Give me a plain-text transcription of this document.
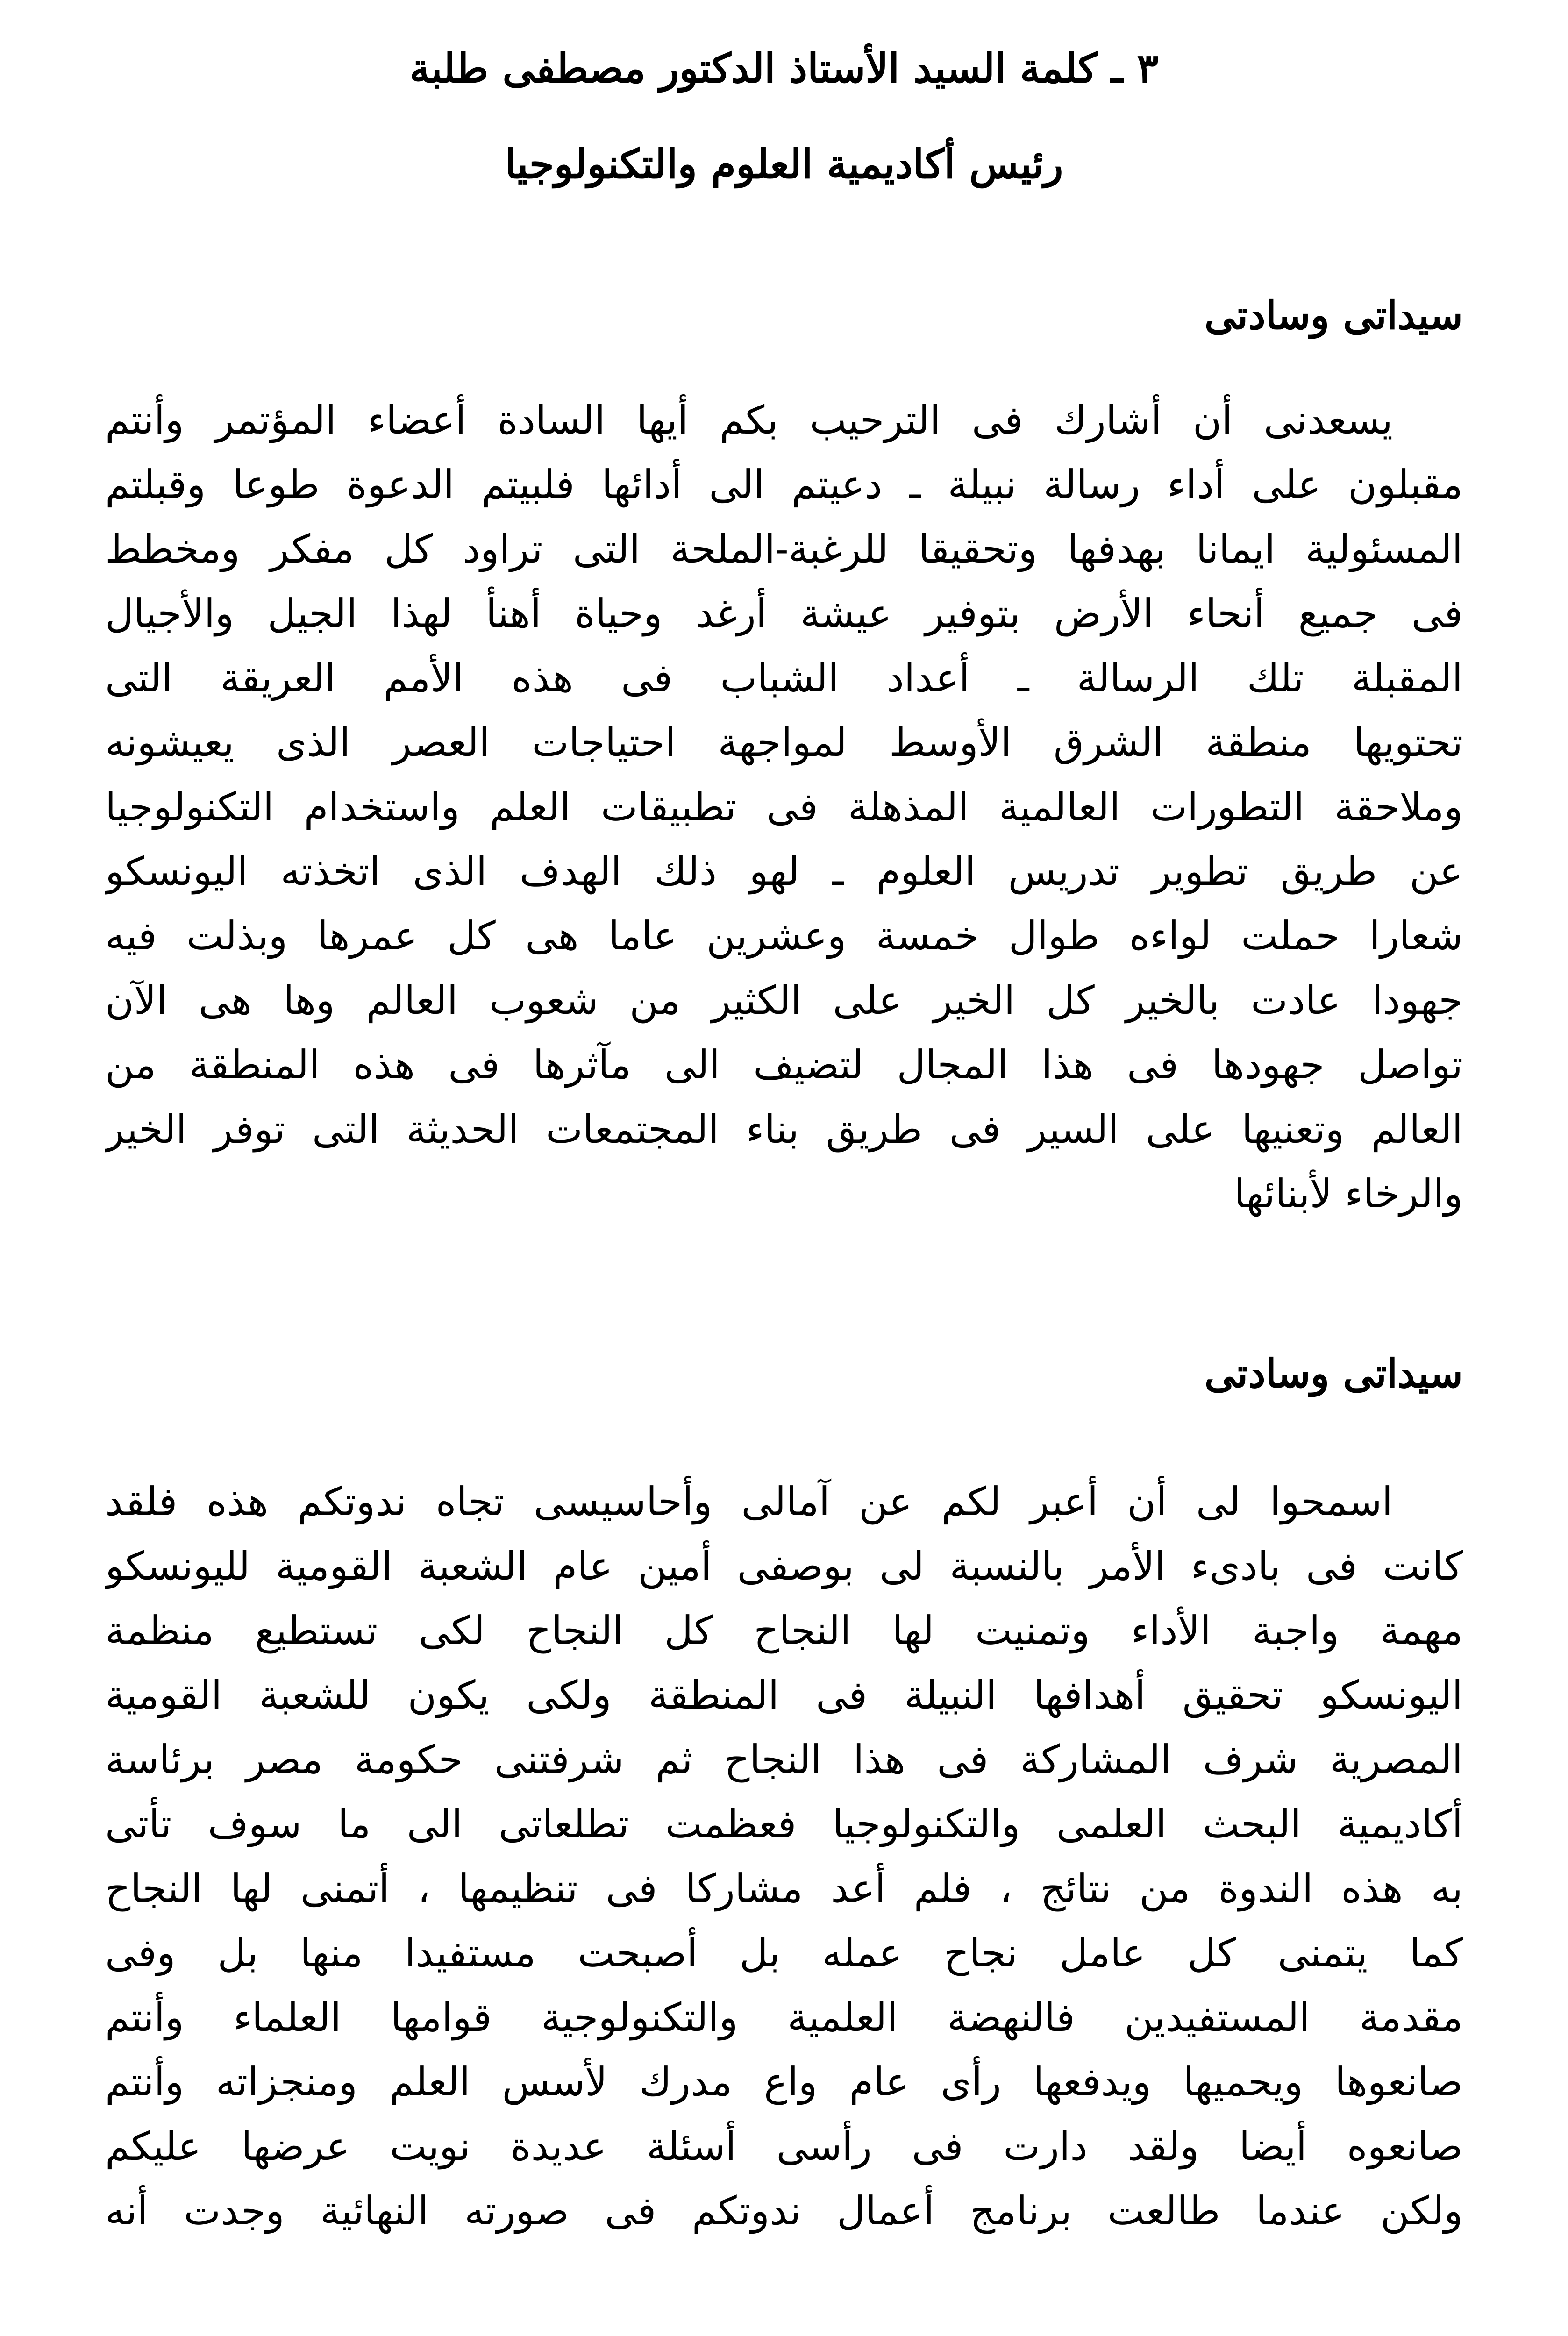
٣ ـ كلمة السيد الأستاذ الدكتور مصطفى طلبة
رئيس أكاديمية العلوم والتكنولوجيا
سيداتى وسادتى
يسعدنى أن أشارك فى الترحيب بكم أيها السادة أعضاء المؤتمر وأنتم
مقبلون على أداء رسالة نبيلة ـ دعيتم الى أدائها فلبيتم الدعوة طوعا وقبلتم
المسئولية ايمانا بهدفها وتحقيقا للرغبة-الملحة التى تراود كل مفكر ومخطط
فى جميع أنحاء الأرض بتوفير عيشة أرغد وحياة أهنأ لهذا الجيل والأجيال
المقبلة تلك الرسالة ـ أعداد الشباب فى هذه الأمم العريقة التى
تحتويها منطقة الشرق الأوسط لمواجهة احتياجات العصر الذى يعيشونه
وملاحقة التطورات العالمية المذهلة فى تطبيقات العلم واستخدام التكنولوجيا
عن طريق تطوير تدريس العلوم ـ لهو ذلك الهدف الذى اتخذته اليونسكو
شعارا حملت لواءه طوال خمسة وعشرين عاما هى كل عمرها وبذلت فيه
جهودا عادت بالخير كل الخير على الكثير من شعوب العالم وها هى الآن
تواصل جهودها فى هذا المجال لتضيف الى مآثرها فى هذه المنطقة من
العالم وتعنيها على السير فى طريق بناء المجتمعات الحديثة التى توفر الخير
والرخاء لأبنائها
سيداتى وسادتى
اسمحوا لى أن أعبر لكم عن آمالى وأحاسيسى تجاه ندوتكم هذه فلقد
كانت فى بادىء الأمر بالنسبة لى بوصفى أمين عام الشعبة القومية لليونسكو
مهمة واجبة الأداء وتمنيت لها النجاح كل النجاح لكى تستطيع منظمة
اليونسكو تحقيق أهدافها النبيلة فى المنطقة ولكى يكون للشعبة القومية
المصرية شرف المشاركة فى هذا النجاح ثم شرفتنى حكومة مصر برئاسة
أكاديمية البحث العلمى والتكنولوجيا فعظمت تطلعاتى الى ما سوف تأتى
به هذه الندوة من نتائج ، فلم أعد مشاركا فى تنظيمها ، أتمنى لها النجاح
كما يتمنى كل عامل نجاح عمله بل أصبحت مستفيدا منها بل وفى
مقدمة المستفيدين فالنهضة العلمية والتكنولوجية قوامها العلماء وأنتم
صانعوها ويحميها ويدفعها رأى عام واع مدرك لأسس العلم ومنجزاته وأنتم
صانعوه أيضا ولقد دارت فى رأسى أسئلة عديدة نويت عرضها عليكم
ولكن عندما طالعت برنامج أعمال ندوتكم فى صورته النهائية وجدت أنه
